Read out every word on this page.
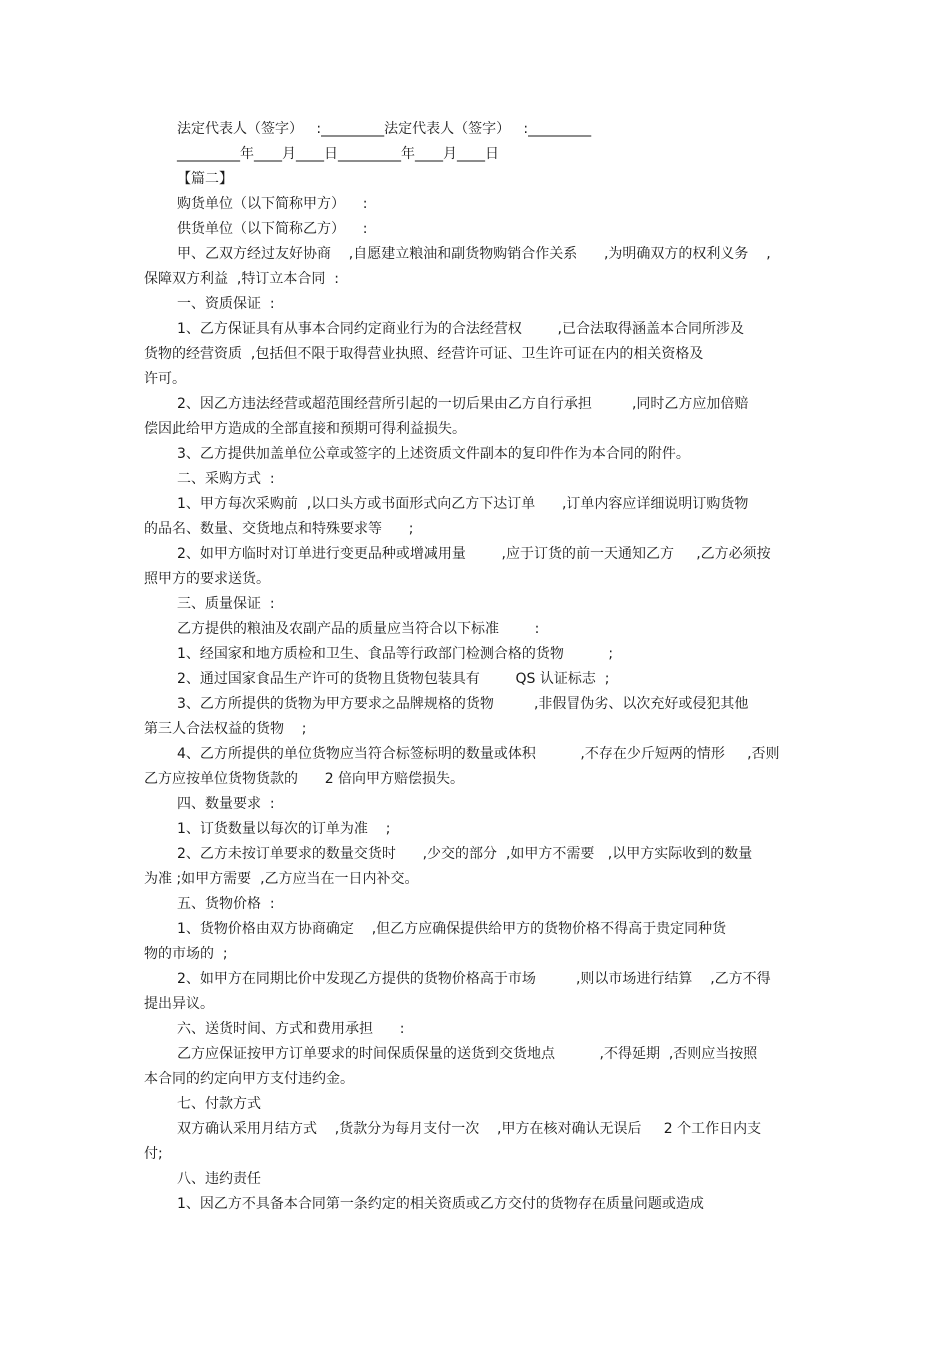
法定代表人（签字）   :_________法定代表人（签字）   :_________
_________年____月____日_________年____月____日
【篇二】
购货单位（以下简称甲方）    :
供货单位（以下简称乙方）    :
甲、乙双方经过友好协商    ,自愿建立粮油和副货物购销合作关系      ,为明确双方的权利义务    ,
保障双方利益  ,特订立本合同  :
一、资质保证  :
1、乙方保证具有从事本合同约定商业行为的合法经营权        ,已合法取得涵盖本合同所涉及
货物的经营资质  ,包括但不限于取得营业执照、经营许可证、卫生许可证在内的相关资格及
许可。
2、因乙方违法经营或超范围经营所引起的一切后果由乙方自行承担         ,同时乙方应加倍赔
偿因此给甲方造成的全部直接和预期可得利益损失。
3、乙方提供加盖单位公章或签字的上述资质文件副本的复印件作为本合同的附件。
二、采购方式  :
1、甲方每次采购前  ,以口头方或书面形式向乙方下达订单      ,订单内容应详细说明订购货物
的品名、数量、交货地点和特殊要求等      ;
2、如甲方临时对订单进行变更品种或增减用量        ,应于订货的前一天通知乙方     ,乙方必须按
照甲方的要求送货。
三、质量保证  :
乙方提供的粮油及农副产品的质量应当符合以下标准        :
1、经国家和地方质检和卫生、食品等行政部门检测合格的货物          ;
2、通过国家食品生产许可的货物且货物包装具有        QS 认证标志  ;
3、乙方所提供的货物为甲方要求之品牌规格的货物         ,非假冒伪劣、以次充好或侵犯其他
第三人合法权益的货物    ;
4、乙方所提供的单位货物应当符合标签标明的数量或体积          ,不存在少斤短两的情形     ,否则
乙方应按单位货物货款的      2 倍向甲方赔偿损失。
四、数量要求  :
1、订货数量以每次的订单为准    ;
2、乙方未按订单要求的数量交货时      ,少交的部分  ,如甲方不需要   ,以甲方实际收到的数量
为准 ;如甲方需要  ,乙方应当在一日内补交。
五、货物价格  :
1、货物价格由双方协商确定    ,但乙方应确保提供给甲方的货物价格不得高于贵定同种货
物的市场的  ;
2、如甲方在同期比价中发现乙方提供的货物价格高于市场         ,则以市场进行结算    ,乙方不得
提出异议。
六、送货时间、方式和费用承担      :
乙方应保证按甲方订单要求的时间保质保量的送货到交货地点          ,不得延期  ,否则应当按照
本合同的约定向甲方支付违约金。
七、付款方式
双方确认采用月结方式    ,货款分为每月支付一次    ,甲方在核对确认无误后     2 个工作日内支
付;
八、违约责任
1、因乙方不具备本合同第一条约定的相关资质或乙方交付的货物存在质量问题或造成
